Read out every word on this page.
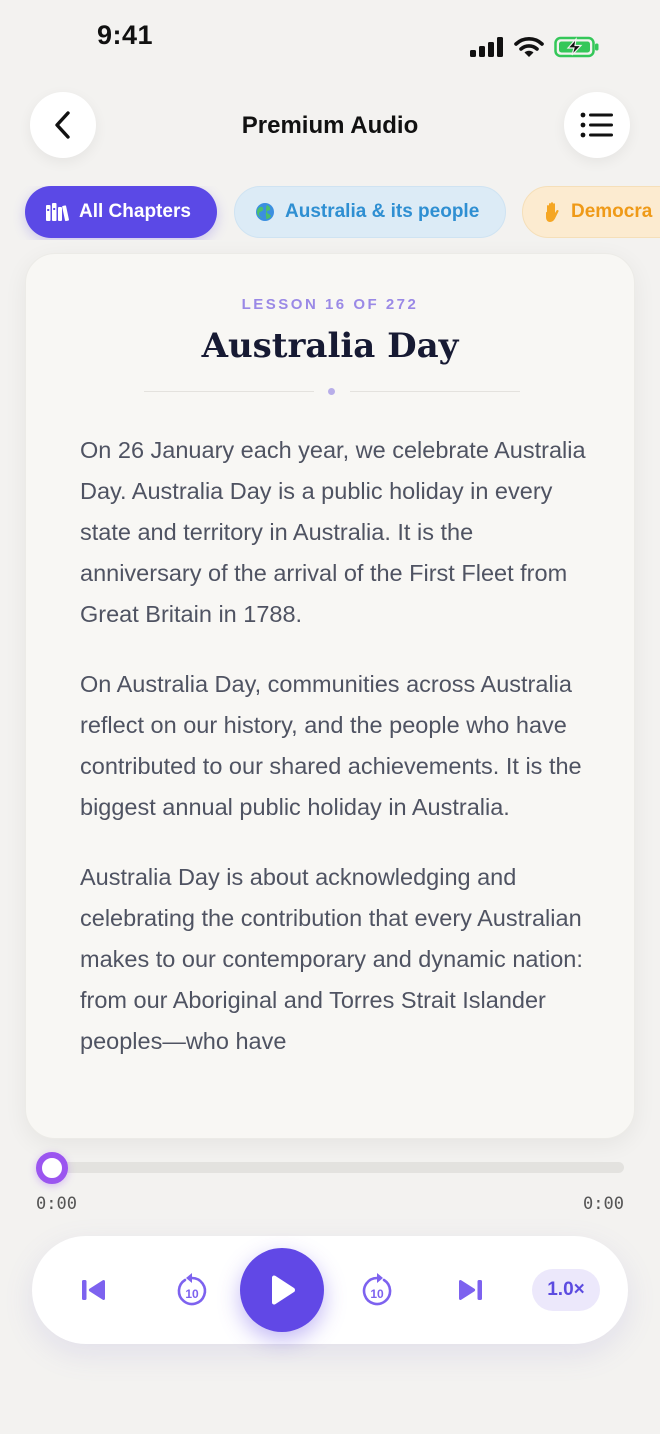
9:41
Premium Audio
All Chapters	Australia & its people	Democra
LESSON 16 OF 272
Australia Day

On 26 January each year, we celebrate Australia Day. Australia Day is a public holiday in every state and territory in Australia. It is the anniversary of the arrival of the First Fleet from Great Britain in 1788.

On Australia Day, communities across Australia reflect on our history, and the people who have contributed to our shared achievements. It is the biggest annual public holiday in Australia.

Australia Day is about acknowledging and celebrating the contribution that every Australian makes to our contemporary and dynamic nation: from our Aboriginal and Torres Strait Islander peoples—who have

0:00	0:00
10	10	1.0×
